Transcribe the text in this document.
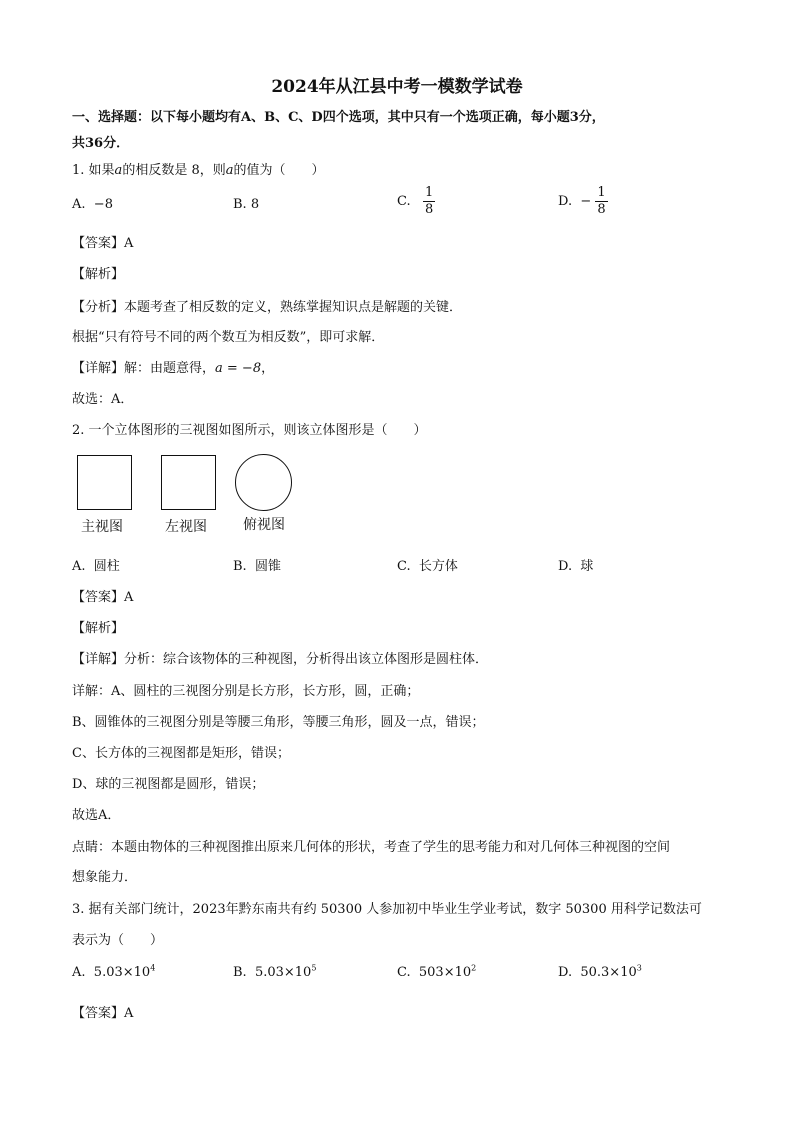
2024年从江县中考一模数学试卷
一、选择题：以下每小题均有A、B、C、D四个选项，其中只有一个选项正确，每小题3分，
共36分．
1. 如果a的相反数是 8，则a的值为（　　）
A. −8	B. 8	C. $\frac{1}{8}$	D. − $\frac{1}{8}$
【答案】A
【解析】
【分析】本题考查了相反数的定义，熟练掌握知识点是解题的关键．
根据“只有符号不同的两个数互为相反数”，即可求解．
【详解】解：由题意得，a = −8，
故选：A．
2. 一个立体图形的三视图如图所示，则该立体图形是（　　）
主视图	左视图	俯视图
A. 圆柱	B. 圆锥	C. 长方体	D. 球
【答案】A
【解析】
【详解】分析：综合该物体的三种视图，分析得出该立体图形是圆柱体．
详解：A、圆柱的三视图分别是长方形，长方形，圆，正确；
B、圆锥体的三视图分别是等腰三角形，等腰三角形，圆及一点，错误；
C、长方体的三视图都是矩形，错误；
D、球的三视图都是圆形，错误；
故选A．
点睛：本题由物体的三种视图推出原来几何体的形状，考查了学生的思考能力和对几何体三种视图的空间
想象能力．
3. 据有关部门统计，2023年黔东南共有约 50300 人参加初中毕业生学业考试，数字 50300 用科学记数法可
表示为（　　）
A. $5.03\times 10^4$	B. $5.03\times 10^5$	C. $503\times 10^2$	D. $50.3\times 10^3$
【答案】A
